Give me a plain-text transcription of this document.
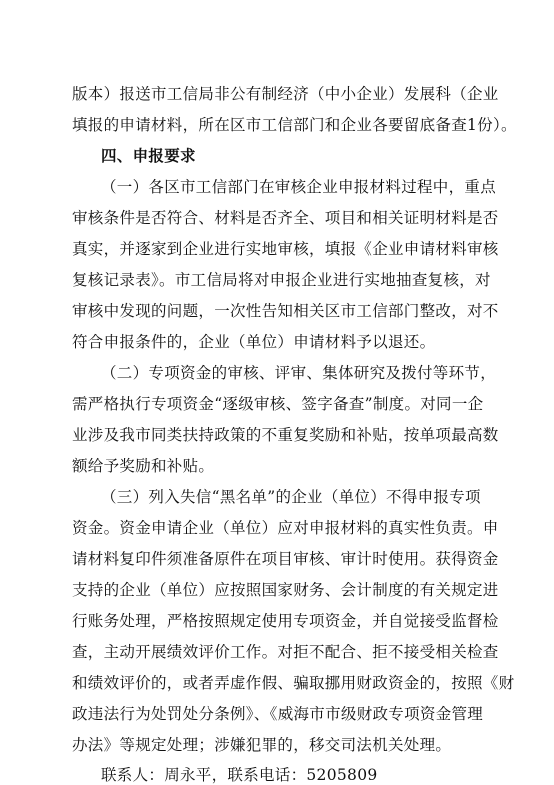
版本）报送市工信局非公有制经济（中小企业）发展科（企业
填报的申请材料，所在区市工信部门和企业各要留底备查1份）。
四、申报要求
（一）各区市工信部门在审核企业申报材料过程中，重点
审核条件是否符合、材料是否齐全、项目和相关证明材料是否
真实，并逐家到企业进行实地审核，填报《企业申请材料审核
复核记录表》。市工信局将对申报企业进行实地抽查复核，对
审核中发现的问题，一次性告知相关区市工信部门整改，对不
符合申报条件的，企业（单位）申请材料予以退还。
（二）专项资金的审核、评审、集体研究及拨付等环节，
需严格执行专项资金“逐级审核、签字备查”制度。对同一企
业涉及我市同类扶持政策的不重复奖励和补贴，按单项最高数
额给予奖励和补贴。
（三）列入失信“黑名单”的企业（单位）不得申报专项
资金。资金申请企业（单位）应对申报材料的真实性负责。申
请材料复印件须准备原件在项目审核、审计时使用。获得资金
支持的企业（单位）应按照国家财务、会计制度的有关规定进
行账务处理，严格按照规定使用专项资金，并自觉接受监督检
查，主动开展绩效评价工作。对拒不配合、拒不接受相关检查
和绩效评价的，或者弄虚作假、骗取挪用财政资金的，按照《财
政违法行为处罚处分条例》、《威海市市级财政专项资金管理
办法》等规定处理；涉嫌犯罪的，移交司法机关处理。
联系人：周永平，联系电话：5205809
